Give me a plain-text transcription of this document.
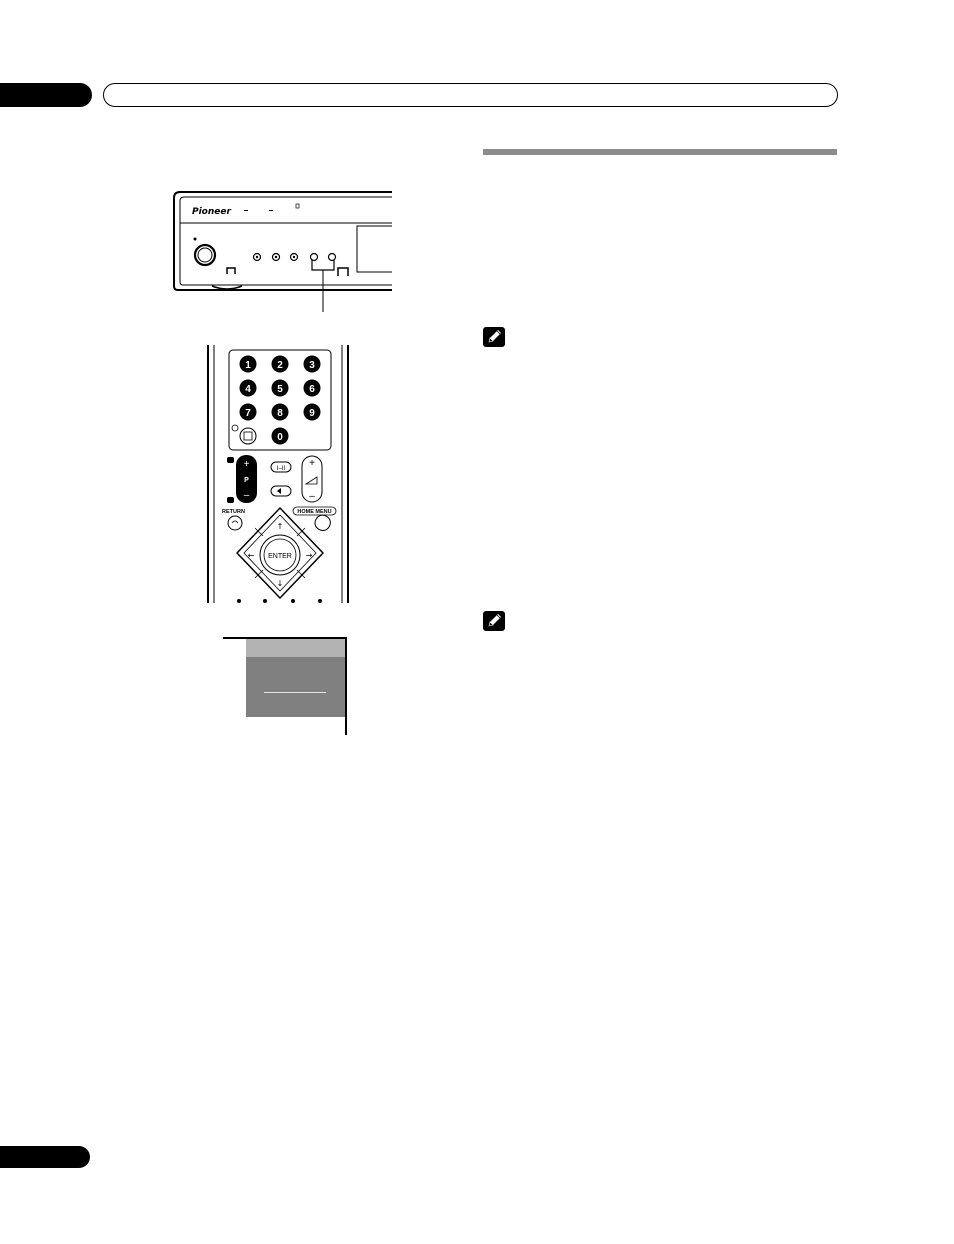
Pioneer
1	2	3
4	5	6
7	8	9
0
+
P
–
I–II +
–
RETURN	HOME MENU
ENTER
↑
↓
←	→
